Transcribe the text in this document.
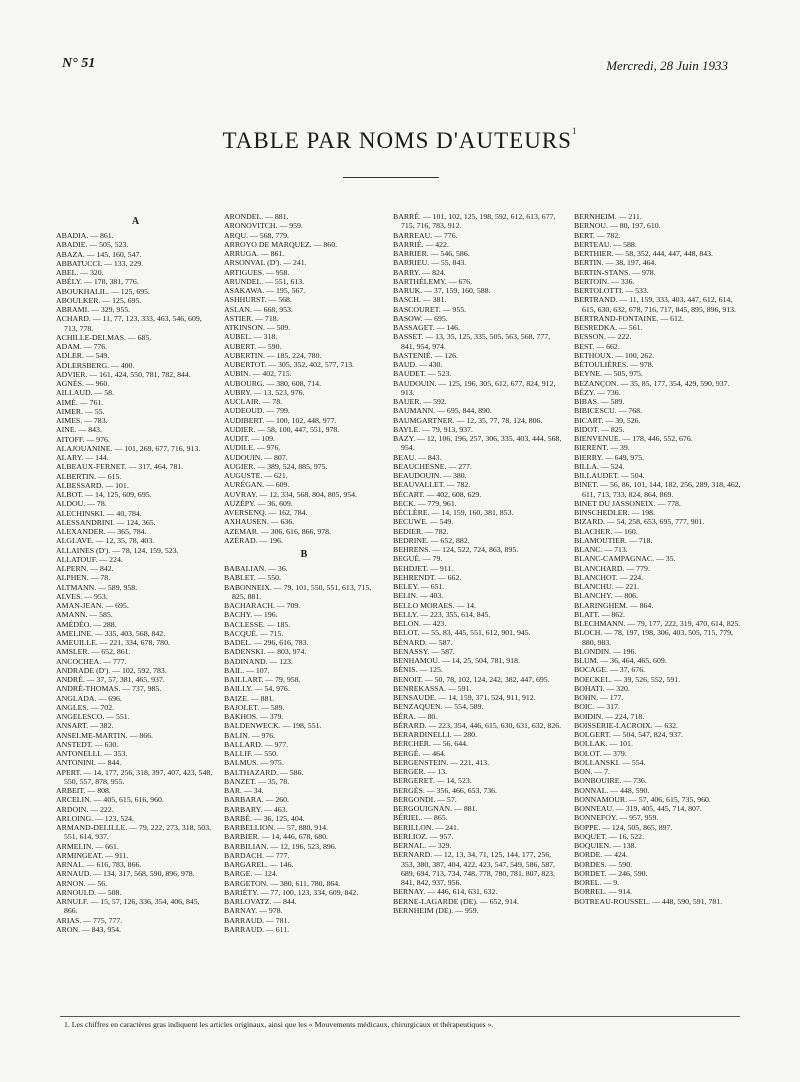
N° 51	Mercredi, 28 Juin 1933
TABLE PAR NOMS D'AUTEURS$^1$
A
ABADIA. — 861.
ABADIE. — 505, 523.
ABAZA. — 145, 160, 547.
ABBATUCCI. — 133, 229.
ABEL. — 320.
ABÉLY. — 178, 381, 776.
ABOUKHALIL. — 125, 695.
ABOULKER. — 125, 695.
ABRAMI. — 329, 955.
ACHARD. — 11, 77, 123, 333, 463, 546, 609, 713, 778.
ACHILLE-DELMAS. — 685.
ADAM. — 776.
ADLER. — 549.
ADLERSBERG. — 400.
ADVIER. — 161, 424, 550, 781, 782, 844.
AGNÈS. — 960.
AILLAUD. — 58.
AIMÉ. — 761.
AIMER. — 55.
AIMES. — 783.
AINE. — 843.
AITOFF. — 976.
ALAJOUANINE. — 101, 269, 677, 716, 913.
ALARY. — 144.
ALBEAUX-FERNET. — 317, 464, 781.
ALBERTIN. — 615.
ALBESSARD. — 101.
ALBOT. — 14, 125, 609, 695.
ALDOU. — 78.
ALECHINSKI. — 40, 784.
ALESSANDRINI. — 124, 365.
ALEXANDER. — 365, 784.
ALGLAVE. — 12, 35, 78, 403.
ALLAINES (D'). — 78, 124, 159, 523.
ALLATOUF. — 224.
ALPERN. — 842.
ALPHEN. — 78.
ALTMANN. — 589, 958.
ALVES. — 953.
AMAN-JEAN. — 695.
AMANN. — 585.
AMÉDÉO. — 288.
AMELINE. — 335, 403, 568, 842.
AMEUILLE. — 221, 334, 678, 780.
AMSLER. — 652, 861.
ANCOCHEA. — 777.
ANDRADE (D'). — 102, 592, 783.
ANDRÉ. — 37, 57, 381, 465, 937.
ANDRÉ-THOMAS. — 737, 985.
ANGLADA. — 696.
ANGLES. — 702.
ANGELESCO. — 551.
ANSART. — 382.
ANSELME-MARTIN. — 866.
ANSTEDT. — 630.
ANTONELLI. — 353.
ANTONINI. — 844.
APERT. — 14, 177, 256, 318, 397, 407, 423, 548, 550, 557, 878, 955.
ARBEIT. — 808.
ARCELIN. — 405, 615, 616, 960.
ARDOIN. — 222.
ARLOING. — 123, 524.
ARMAND-DELILLE. — 79, 222, 273, 318, 503, 551, 614, 937.
ARMELIN. — 661.
ARMINGEAT. — 911.
ARNAL. — 616, 783, 866.
ARNAUD. — 134, 317, 568, 590, 896, 978.
ARNON. — 56.
ARNOULD. — 508.
ARNULF. — 15, 57, 126, 336, 354, 406, 845, 866.
ARIAS. — 775, 777.
ARON. — 843, 954.
ARONDEL. — 881.
ARONOVITCH. — 959.
ARQU. — 568, 779.
ARROYO DE MARQUEZ. — 860.
ARRUGA. — 861.
ARSONVAL (D'). — 241.
ARTIGUES. — 958.
ARUNDEL. — 551, 613.
ASAKAWA. — 195, 567.
ASHHURST. — 568.
ASLAN. — 668, 953.
ASTIER. — 718.
ATKINSON. — 509.
AUBEL. — 318.
AUBERT. — 590.
AUBERTIN. — 185, 224, 780.
AUBERTOT. — 305, 352, 402, 577, 713.
AUBIN. — 402, 715.
AUBOURG. — 380, 608, 714.
AUBRY. — 13, 523, 976.
AUCLAIR. — 78.
AUDEOUD. — 799.
AUDIBERT. — 100, 102, 448, 977.
AUDIER. — 58, 100, 447, 551, 978.
AUDIT. — 109.
AUDILE. — 976.
AUDOUIN. — 807.
AUGIER. — 389, 524, 885, 975.
AUGUSTE. — 621.
AURÉGAN. — 609.
AUVRAY. — 12, 334, 568, 804, 805, 954.
AUZÉPY. — 36, 609.
AVERSENQ. — 162, 784.
AXHAUSEN. — 636.
AZEMAR. — 306, 616, 866, 978.
AZÉRAD. — 196.
B
BABALIAN. — 36.
BABLET. — 550.
BABONNEIX. — 79, 101, 550, 551, 613, 715, 825, 881.
BACHARACH. — 709.
BACHY. — 196.
BACLESSE. — 185.
BACQUÉ. — 715.
BADEL. — 296, 616, 783.
BADENSKI. — 803, 974.
BADINAND. — 123.
BAIL. — 107.
BAILLART. — 79, 958.
BAILLY. — 54, 976.
BAIZE. — 881.
BAJOLET. — 589.
BAKHOS. — 379.
BALDENWECK. — 198, 551.
BALIN. — 976.
BALLARD. — 977.
BALLIF. — 550.
BALMUS. — 975.
BALTHAZARD. — 586.
BANZET. — 35, 78.
BAR. — 34.
BARBARA. — 260.
BARBARY. — 463.
BARBÉ. — 36, 125, 404.
BARBELLION. — 57, 880, 914.
BARBIER. — 14, 446, 678, 680.
BARBILIAN. — 12, 196, 523, 896.
BARDACH. — 777.
BARGAREL. — 146.
BARGE. — 124.
BARGETON. — 380, 611, 780, 864.
BARIÉTY. — 77, 100, 123, 334, 609, 842.
BARLOVATZ. — 844.
BARNAY. — 978.
BARRAUD. — 781.
BARRAUD. — 611.
BARRÉ. — 101, 102, 125, 198, 592, 612, 613, 677, 715, 716, 783, 912.
BARREAU. — 776.
BARRIÉ. — 422.
BARRIER. — 546, 586.
BARRIEU. — 55, 843.
BARRY. — 824.
BARTHÉLEMY. — 676.
BARUK. — 37, 159, 160, 588.
BASCH. — 381.
BASCOURET. — 955.
BASOW. — 695.
BASSAGET. — 146.
BASSET. — 13, 35, 125, 335, 505, 563, 568, 777, 841, 954, 974.
BASTENIÉ. — 126.
BAUD. — 430.
BAUDET. — 523.
BAUDOUIN. — 125, 196, 305, 612, 677, 824, 912, 913.
BAUER. — 592.
BAUMANN. — 695, 844, 890.
BAUMGARTNER. — 12, 35, 77, 78, 124, 806.
BAYLE. — 79, 913, 937.
BAZY. — 12, 106, 196, 257, 306, 335, 403, 444, 568, 954.
BEAU. — 843.
BEAUCHESNE. — 277.
BEAUDOUIN. — 380.
BEAUVALLET. — 782.
BÉCART. — 402, 608, 629.
BECK. — 779, 961.
BÉCLÈRE. — 14, 159, 160, 381, 853.
BECUWE. — 549.
BEDIER. — 782.
BEDRINE. — 652, 882.
BEHRENS. — 124, 522, 724, 863, 895.
BEGUÉ. — 79.
BEHDJET. — 911.
BEHRENDT. — 662.
BELEY. — 651.
BELIN. — 403.
BELLO MORAES. — 14.
BELLY. — 223, 355, 614, 845.
BELON. — 423.
BELOT. — 55, 83, 445, 551, 612, 901, 945.
BÉNARD. — 587.
BENASSY. — 587.
BENHAMOU. — 14, 25, 504, 781, 918.
BÉNIS. — 125.
BENOIT. — 50, 78, 102, 124, 242, 382, 447, 695.
BENREKASSA. — 591.
BENSAUDE. — 14, 159, 371, 524, 911, 912.
BENZAQUEN. — 554, 589.
BÉRA. — 80.
BÉRARD. — 223, 354, 446, 615, 630, 631, 632, 826.
BERARDINELLI. — 280.
BERCHER. — 56, 644.
BERGÉ. — 464.
BERGENSTEIN. — 221, 413.
BERGER. — 13.
BERGERET. — 14, 523.
BERGÈS. — 356, 466, 653, 736.
BERGONDI. — 57.
BERGOUIGNAN. — 881.
BÉRIEL. — 865.
BERILLON. — 241.
BERLIOZ. — 957.
BERNAL. — 329.
BERNARD. — 12, 13, 34, 71, 125, 144, 177, 256, 353, 380, 387, 404, 422, 423, 547, 549, 586, 587, 689, 694, 713, 734, 748, 778, 780, 781, 807, 823, 841, 842, 937, 956.
BERNAY. — 446, 614, 631, 632.
BERNE-LAGARDE (DE). — 652, 914.
BERNHEIM (DE). — 959.
BERNHEIM. — 211.
BERNOU. — 80, 197, 610.
BERT. — 782.
BERTEAU. — 588.
BERTHIER. — 58, 352, 444, 447, 448, 843.
BERTIN. — 38, 197, 464.
BERTIN-STANS. — 978.
BERTOIN. — 336.
BERTOLOTTI. — 533.
BERTRAND. — 11, 159, 333, 403, 447, 612, 614, 615, 630, 632, 678, 716, 717, 845, 895, 896, 913.
BERTRAND-FONTAINE. — 612.
BESREDKA. — 561.
BESSON. — 222.
BEST. — 662.
BETHOUX. — 100, 262.
BÉTOULIÈRES. — 978.
BEYNE. — 505, 975.
BEZANÇON. — 35, 85, 177, 354, 429, 590, 937.
BÉZY. — 736.
BIBAS. — 589.
BIBICESCU. — 768.
BICART. — 39, 526.
BIDOT. — 825.
BIENVENUE. — 178, 446, 552, 676.
BIERENT. — 39.
BIERRY. — 649, 975.
BILLA. — 524.
BILLAUDET. — 504.
BINET. — 56, 86, 101, 144, 182, 256, 289, 318, 462, 611, 713, 733, 824, 864, 869.
BINET DU JASSONEIX. — 778.
BINSCHEDLER. — 198.
BIZARD. — 54, 258, 653, 695, 777, 901.
BLACHER. — 160.
BLAMOUTIER. — 718.
BLANC. — 713.
BLANC-CAMPAGNAC. — 35.
BLANCHARD. — 779.
BLANCHOT. — 224.
BLANCHU. — 221.
BLANCHY. — 806.
BLARINGHEM. — 864.
BLATT. — 862.
BLECHMANN. — 79, 177, 222, 319, 470, 614, 825.
BLOCH. — 78, 197, 198, 306, 403, 505, 715, 779, 880, 983.
BLONDIN. — 196.
BLUM. — 36, 464, 465, 609.
BOCAGE. — 37, 676.
BOECKEL. — 39, 526, 552, 591.
BOHATI. — 320.
BOHN. — 177.
BOIC. — 317.
BOIDIN. — 224, 718.
BOISSERIE-LACROIX. — 632.
BOLGERT. — 504, 547, 824, 937.
BOLLAK. — 101.
BOLOT. — 379.
BOLLANSKI. — 554.
BON. — 7.
BONBOUIRE. — 736.
BONNAL. — 448, 590.
BONNAMOUR. — 57, 406, 615, 735, 960.
BONNEAU. — 319, 405, 445, 714, 807.
BONNEFOY. — 957, 959.
BOPPE. — 124, 505, 865, 897.
BOQUET. — 16, 522.
BOQUIEN. — 138.
BORDE. — 424.
BORDES. — 590.
BORDET. — 246, 590.
BOREL. — 9.
BORREL. — 914.
BOTREAU-ROUSSEL. — 448, 590, 591, 781.
1. Les chiffres en caractères gras indiquent les articles originaux, ainsi que les « Mouvements médicaux, chirurgicaux et thérapeutiques ».
